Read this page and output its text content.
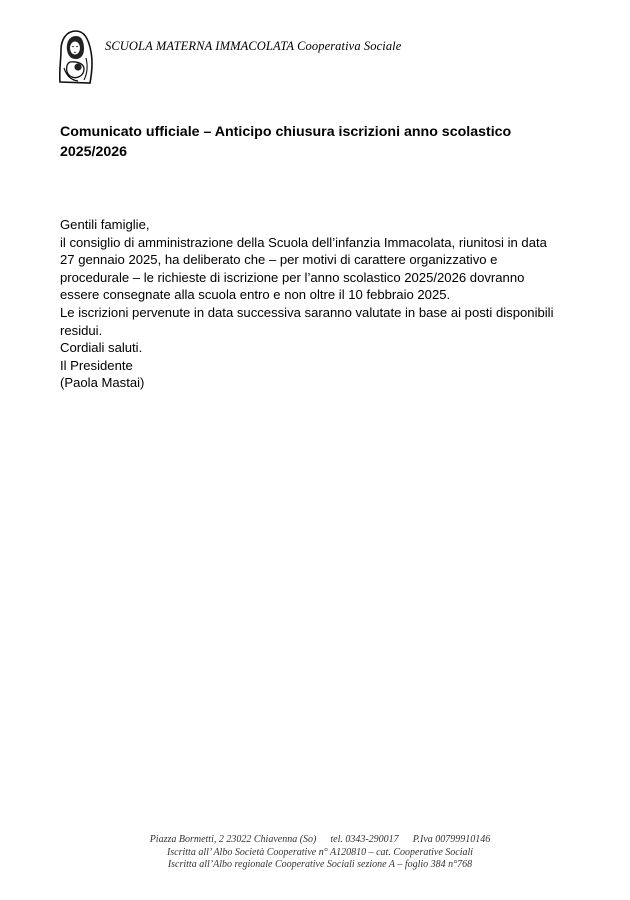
SCUOLA MATERNA IMMACOLATA Cooperativa Sociale
Comunicato ufficiale – Anticipo chiusura iscrizioni anno scolastico
2025/2026

Gentili famiglie,

il consiglio di amministrazione della Scuola dell’infanzia Immacolata, riunitosi in data

27 gennaio 2025, ha deliberato che – per motivi di carattere organizzativo e

procedurale – le richieste di iscrizione per l’anno scolastico 2025/2026 dovranno

essere consegnate alla scuola entro e non oltre il 10 febbraio 2025.

Le iscrizioni pervenute in data successiva saranno valutate in base ai posti disponibili

residui.

Cordiali saluti.

Il Presidente

(Paola Mastai)

Piazza Bormetti, 2 23022 Chiavenna (So) tel. 0343-290017 P.Iva 00799910146
Iscritta all’ Albo Società Cooperative n° A120810 – cat. Cooperative Sociali
Iscritta all’Albo regionale Cooperative Sociali sezione A – foglio 384 n°768
